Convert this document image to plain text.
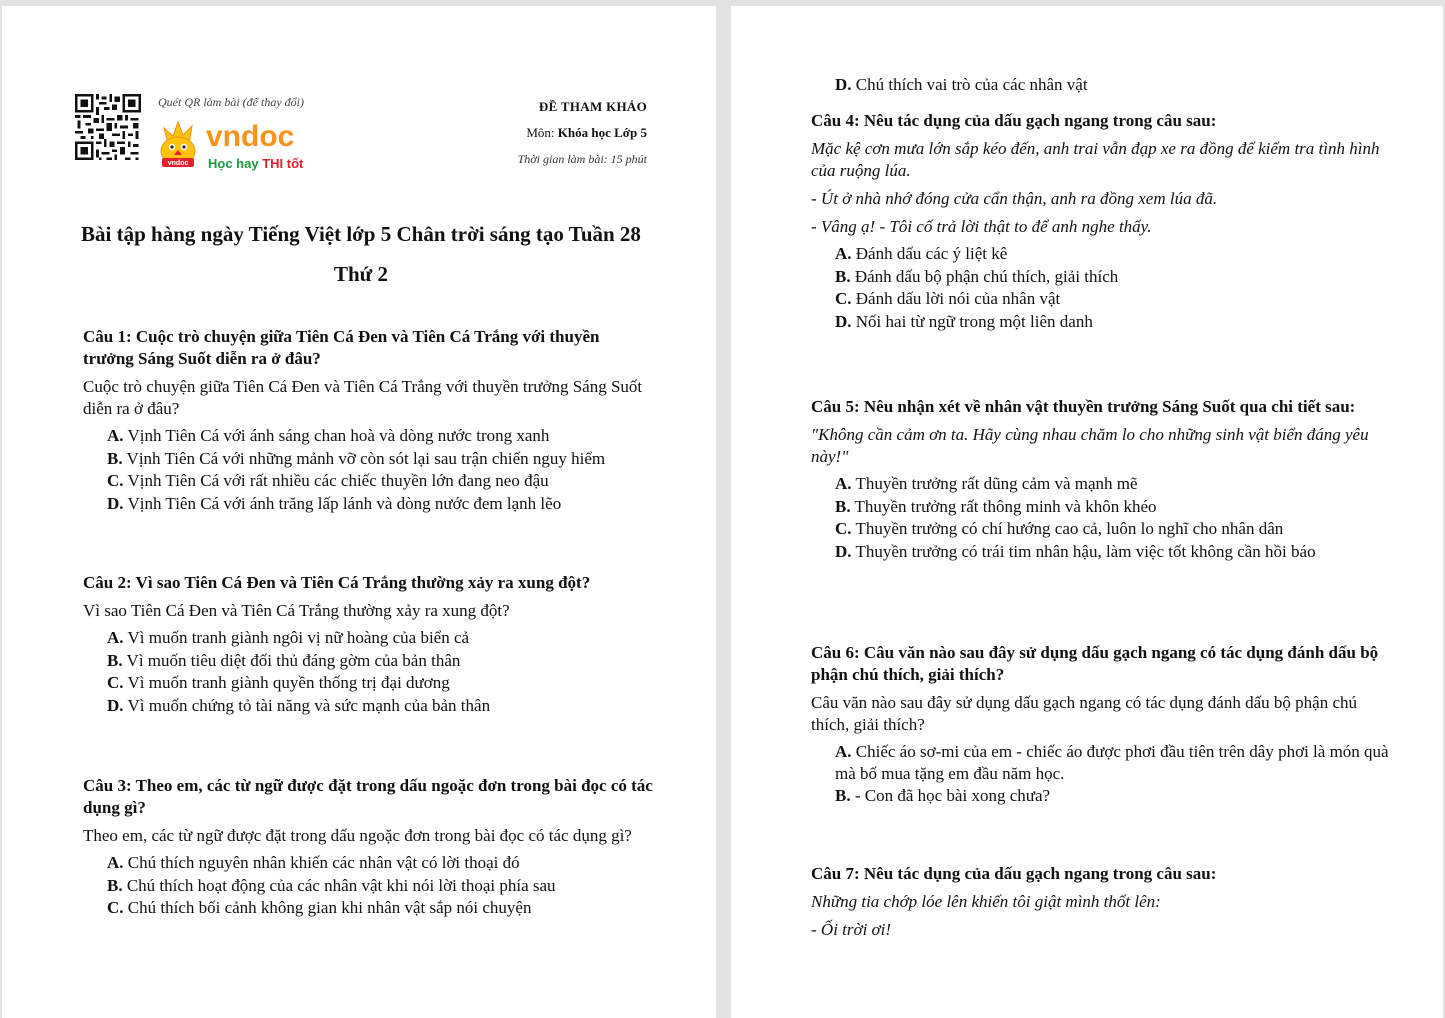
Quét QR làm bài (để thay đổi)
vndoc
vndoc
Học hay THI tốt
ĐỀ THAM KHẢO
Môn: Khóa học Lớp 5
Thời gian làm bài: 15 phút
Bài tập hàng ngày Tiếng Việt lớp 5 Chân trời sáng tạo Tuần 28
Thứ 2

Câu 1: Cuộc trò chuyện giữa Tiên Cá Đen và Tiên Cá Trắng với thuyền trưởng Sáng Suốt diễn ra ở đâu?

Cuộc trò chuyện giữa Tiên Cá Đen và Tiên Cá Trắng với thuyền trưởng Sáng Suốt diễn ra ở đâu?

A. Vịnh Tiên Cá với ánh sáng chan hoà và dòng nước trong xanh

B. Vịnh Tiên Cá với những mảnh vỡ còn sót lại sau trận chiến nguy hiểm

C. Vịnh Tiên Cá với rất nhiều các chiếc thuyền lớn đang neo đậu

D. Vịnh Tiên Cá với ánh trăng lấp lánh và dòng nước đem lạnh lẽo

Câu 2: Vì sao Tiên Cá Đen và Tiên Cá Trắng thường xảy ra xung đột?

Vì sao Tiên Cá Đen và Tiên Cá Trắng thường xảy ra xung đột?

A. Vì muốn tranh giành ngôi vị nữ hoàng của biển cả

B. Vì muốn tiêu diệt đối thủ đáng gờm của bản thân

C. Vì muốn tranh giành quyền thống trị đại dương

D. Vì muốn chứng tỏ tài năng và sức mạnh của bản thân

Câu 3: Theo em, các từ ngữ được đặt trong dấu ngoặc đơn trong bài đọc có tác dụng gì?

Theo em, các từ ngữ được đặt trong dấu ngoặc đơn trong bài đọc có tác dụng gì?

A. Chú thích nguyên nhân khiến các nhân vật có lời thoại đó

B. Chú thích hoạt động của các nhân vật khi nói lời thoại phía sau

C. Chú thích bối cảnh không gian khi nhân vật sắp nói chuyện

D. Chú thích vai trò của các nhân vật

Câu 4: Nêu tác dụng của dấu gạch ngang trong câu sau:

Mặc kệ cơn mưa lớn sắp kéo đến, anh trai vẫn đạp xe ra đồng để kiểm tra tình hình của ruộng lúa.

- Út ở nhà nhớ đóng cửa cẩn thận, anh ra đồng xem lúa đã.

- Vâng ạ! - Tôi cố trả lời thật to để anh nghe thấy.

A. Đánh dấu các ý liệt kê

B. Đánh dấu bộ phận chú thích, giải thích

C. Đánh dấu lời nói của nhân vật

D. Nối hai từ ngữ trong một liên danh

Câu 5: Nêu nhận xét về nhân vật thuyền trưởng Sáng Suốt qua chi tiết sau:

"Không cần cảm ơn ta. Hãy cùng nhau chăm lo cho những sinh vật biển đáng yêu này!"

A. Thuyền trưởng rất dũng cảm và mạnh mẽ

B. Thuyền trưởng rất thông minh và khôn khéo

C. Thuyền trưởng có chí hướng cao cả, luôn lo nghĩ cho nhân dân

D. Thuyền trưởng có trái tim nhân hậu, làm việc tốt không cần hồi báo

Câu 6: Câu văn nào sau đây sử dụng dấu gạch ngang có tác dụng đánh dấu bộ phận chú thích, giải thích?

Câu văn nào sau đây sử dụng dấu gạch ngang có tác dụng đánh dấu bộ phận chú thích, giải thích?

A. Chiếc áo sơ-mi của em - chiếc áo được phơi đầu tiên trên dây phơi là món quà mà bố mua tặng em đầu năm học.

B. - Con đã học bài xong chưa?

Câu 7: Nêu tác dụng của dấu gạch ngang trong câu sau:

Những tia chớp lóe lên khiến tôi giật mình thốt lên:

- Ối trời ơi!
